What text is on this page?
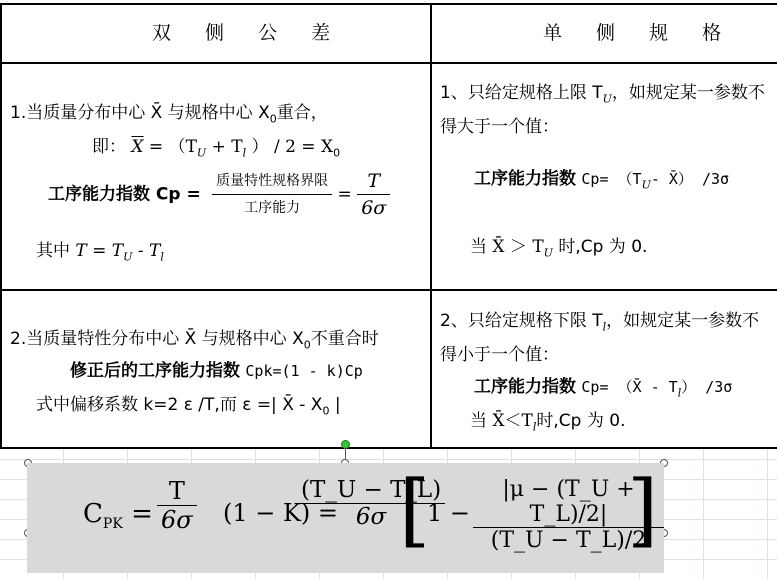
双 侧 公 差	单 侧 规 格
1.当质量分布中心 X̄ 与规格中心 $X_0$重合，
即： $\overline{X} = (T_U + T_l$ ） / $2 = X_0$
工序能力指数 $Cp = \frac{\text{质量特性规格界限}}{\text{工序能力}} = \frac{T}{6\sigma}$
其中 $T = T_U - T_l$
1、只给定规格上限 $T_U$，如规定某一参数不
得大于一个值：
工序能力指数 $Cp= (T_U-$ X̄） /3σ
当 X̄ ＞ $T_U$ 时,Cp 为 0.
2.当质量特性分布中心 X̄ 与规格中心 $X_0$不重合时
修正后的工序能力指数 Cpk=(1 - k)Cp
式中偏移系数 k=2 ε /T,而 ε =| X̄ - $X_0$ |
2、只给定规格下限 $T_l$，如规定某一参数不
得小于一个值：
工序能力指数 Cp= （X̄ - $T_l$） /3σ
当 $X̄<T_l$时,Cp 为 0.
$C_{PK} = \frac{T}{6\sigma} (1 - K)$ =
$\frac{(T\_U - T\_L)}{6\sigma}$
[
$1 - \frac{|\mu - (T\_U + T\_L)/2|}{(T\_U - T\_L)/2}$
]
